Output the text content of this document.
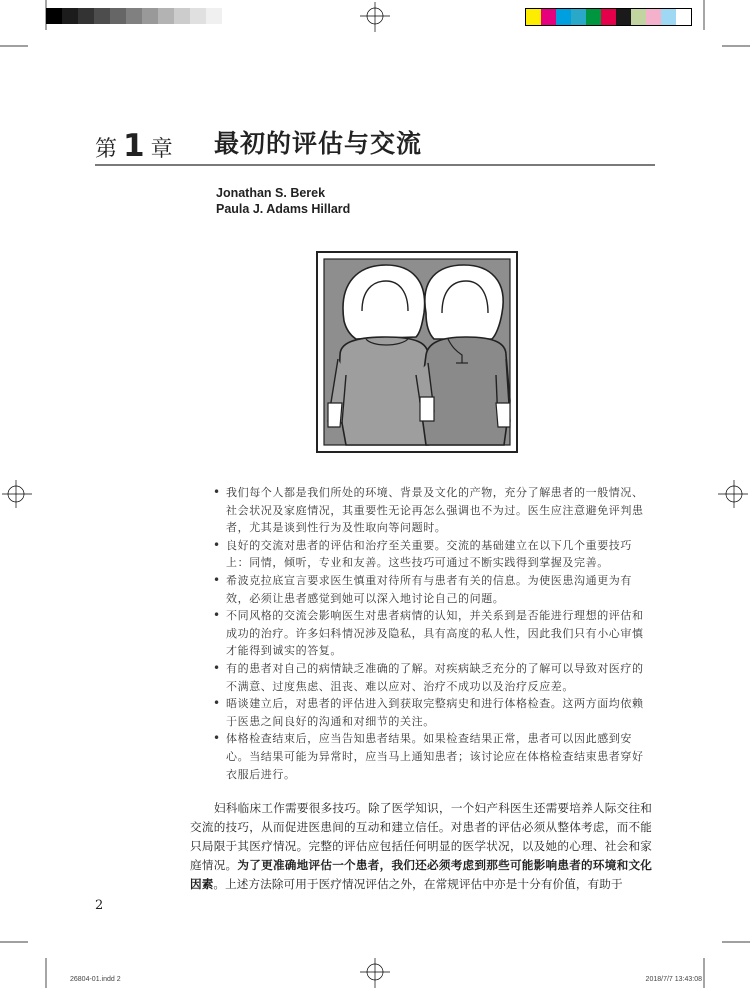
第 1 章 最初的评估与交流
Jonathan S. Berek
Paula J. Adams Hillard
• 我们每个人都是我们所处的环境、背景及文化的产物，充分了解患者的一般情况、社会状况及家庭情况，其重要性无论再怎么强调也不为过。医生应注意避免评判患者，尤其是谈到性行为及性取向等问题时。
• 良好的交流对患者的评估和治疗至关重要。交流的基础建立在以下几个重要技巧上：同情，倾听，专业和友善。这些技巧可通过不断实践得到掌握及完善。
• 希波克拉底宣言要求医生慎重对待所有与患者有关的信息。为使医患沟通更为有效，必须让患者感觉到她可以深入地讨论自己的问题。
• 不同风格的交流会影响医生对患者病情的认知，并关系到是否能进行理想的评估和成功的治疗。许多妇科情况涉及隐私，具有高度的私人性，因此我们只有小心审慎才能得到诚实的答复。
• 有的患者对自己的病情缺乏准确的了解。对疾病缺乏充分的了解可以导致对医疗的不满意、过度焦虑、沮丧、难以应对、治疗不成功以及治疗反应差。
• 晤谈建立后，对患者的评估进入到获取完整病史和进行体格检查。这两方面均依赖于医患之间良好的沟通和对细节的关注。
• 体格检查结束后，应当告知患者结果。如果检查结果正常，患者可以因此感到安心。当结果可能为异常时，应当马上通知患者；该讨论应在体格检查结束患者穿好衣服后进行。

妇科临床工作需要很多技巧。除了医学知识，一个妇产科医生还需要培养人际交往和交流的技巧，从而促进医患间的互动和建立信任。对患者的评估必须从整体考虑，而不能只局限于其医疗情况。完整的评估应包括任何明显的医学状况，以及她的心理、社会和家庭情况。为了更准确地评估一个患者，我们还必须考虑到那些可能影响患者的环境和文化因素。上述方法除可用于医疗情况评估之外，在常规评估中亦是十分有价值，有助于

2
26804-01.indd 2	2018/7/7 13:43:08
